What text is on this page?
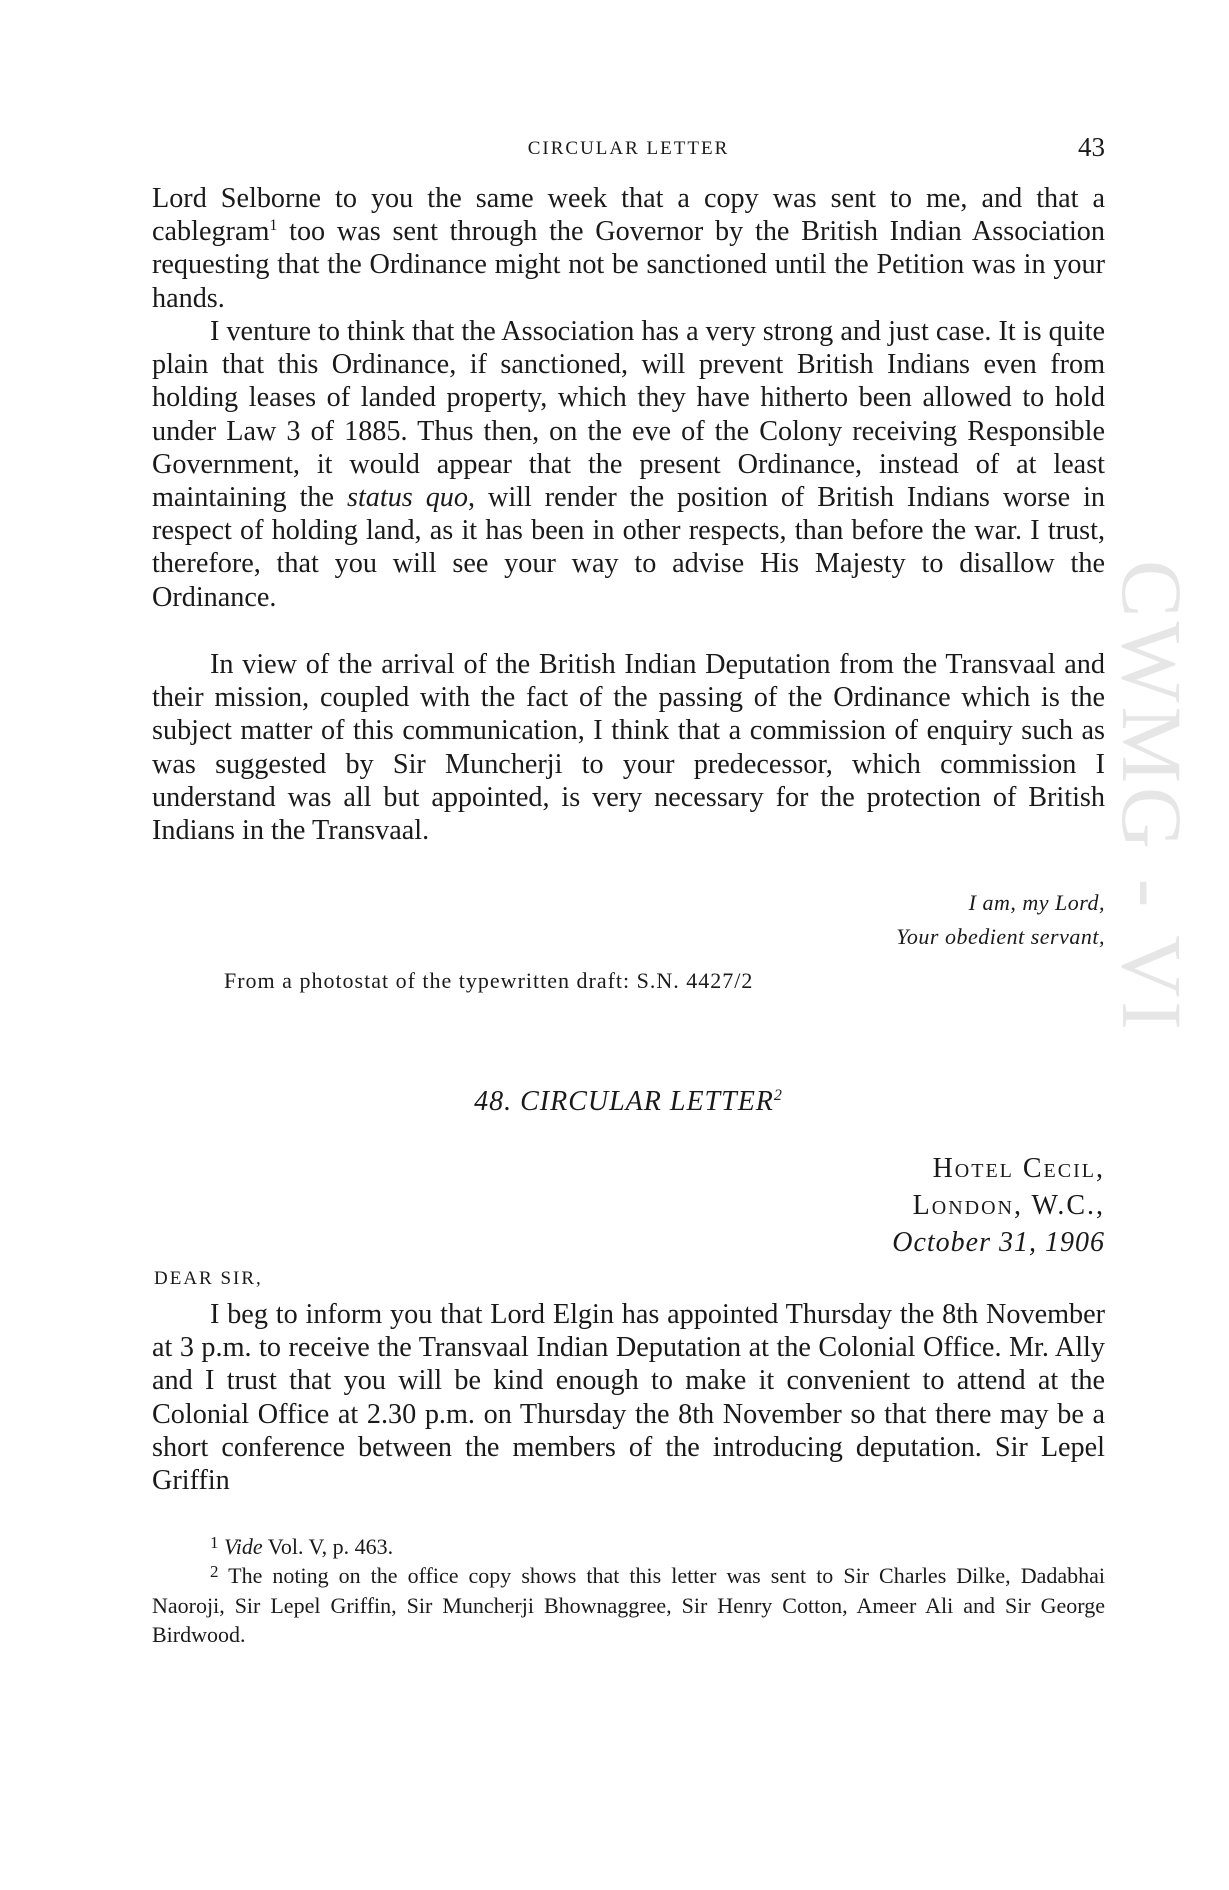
CWMG - VI
CIRCULAR LETTER	43

Lord Selborne to you the same week that a copy was sent to me, and that a cablegram$^1$ too was sent through the Governor by the British Indian Association requesting that the Ordinance might not be sanctioned until the Petition was in your hands.

I venture to think that the Association has a very strong and just case. It is quite plain that this Ordinance, if sanctioned, will prevent British Indians even from holding leases of landed property, which they have hitherto been allowed to hold under Law 3 of 1885. Thus then, on the eve of the Colony receiving Responsible Government, it would appear that the present Ordinance, instead of at least maintaining the status quo, will render the position of British Indians worse in respect of holding land, as it has been in other respects, than before the war. I trust, therefore, that you will see your way to advise His Majesty to disallow the Ordinance.

In view of the arrival of the British Indian Deputation from the Transvaal and their mission, coupled with the fact of the passing of the Ordinance which is the subject matter of this communication, I think that a commission of enquiry such as was suggested by Sir Muncherji to your predecessor, which commission I understand was all but appointed, is very necessary for the protection of British Indians in the Transvaal.

I am, my Lord,
Your obedient servant,
From a photostat of the typewritten draft: S.N. 4427/2
48. CIRCULAR LETTER$^2$
Hotel Cecil,
London, W.C.,
October 31, 1906
DEAR SIR,

I beg to inform you that Lord Elgin has appointed Thursday the 8th November at 3 p.m. to receive the Transvaal Indian Deputation at the Colonial Office. Mr. Ally and I trust that you will be kind enough to make it convenient to attend at the Colonial Office at 2.30 p.m. on Thursday the 8th November so that there may be a short conference between the members of the introducing deputation. Sir Lepel Griffin

$^1$ Vide Vol. V, p. 463.

$^2$ The noting on the office copy shows that this letter was sent to Sir Charles Dilke, Dadabhai Naoroji, Sir Lepel Griffin, Sir Muncherji Bhownaggree, Sir Henry Cotton, Ameer Ali and Sir George Birdwood.
